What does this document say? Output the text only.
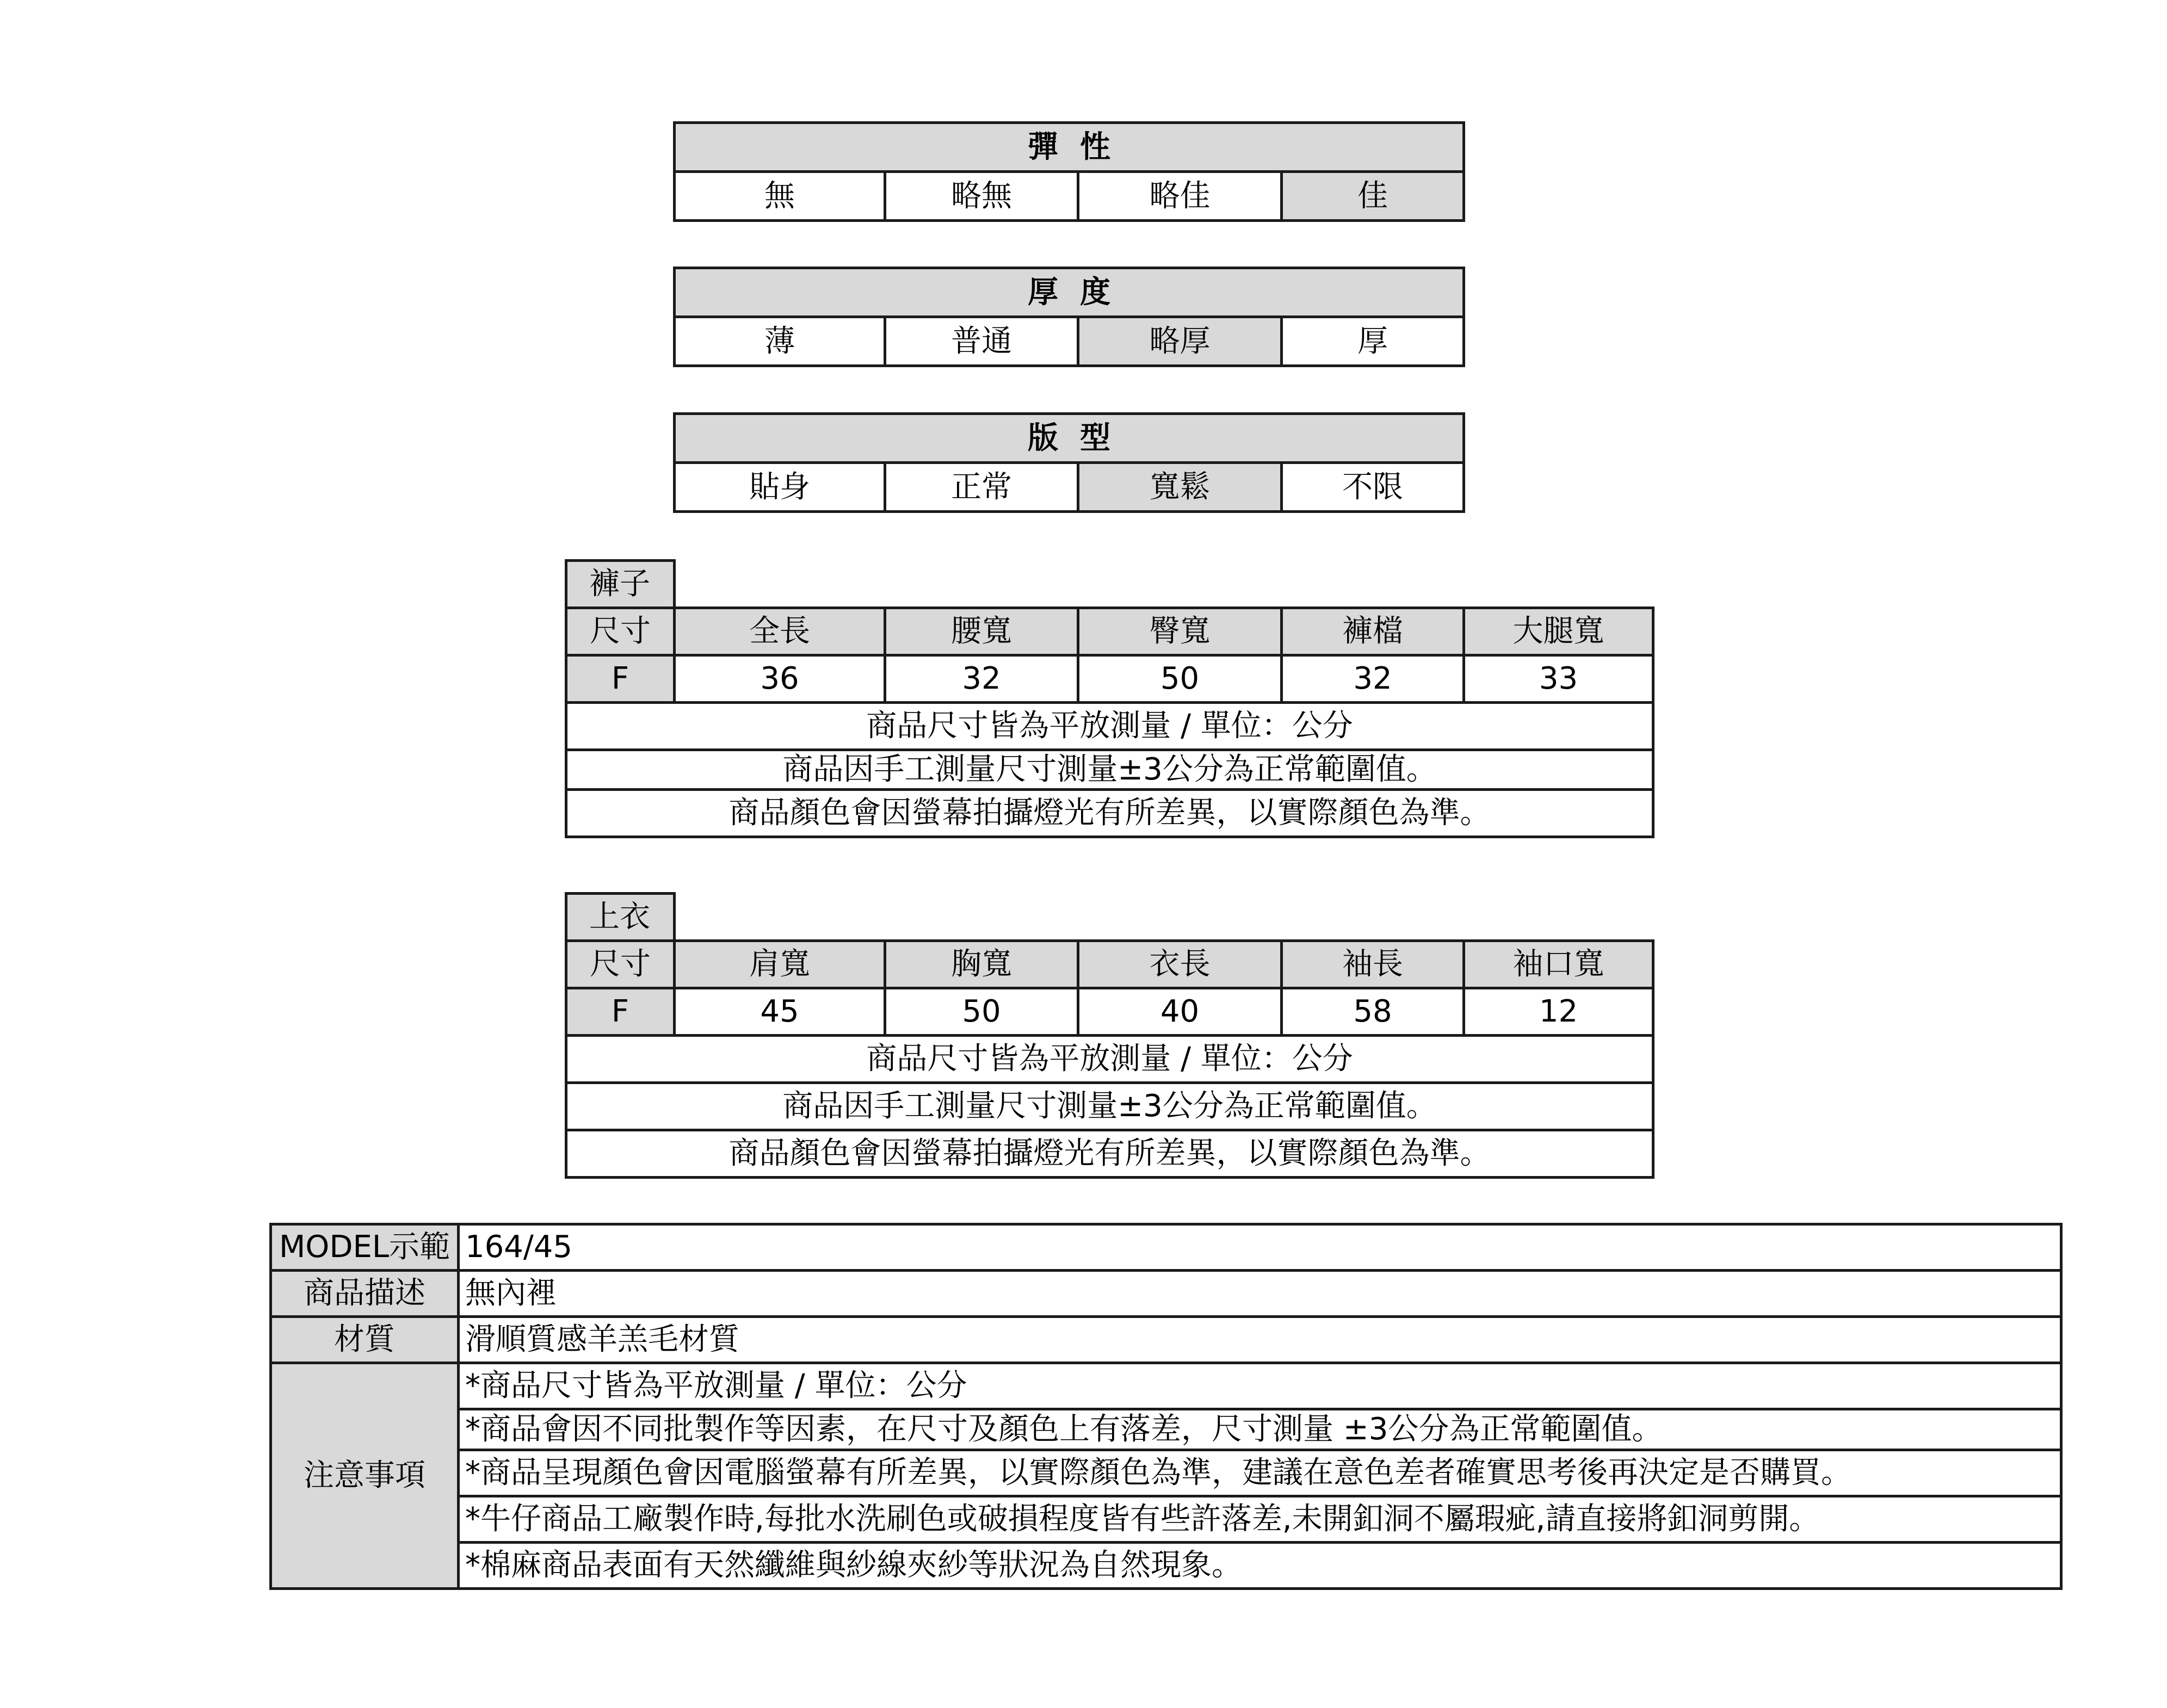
彈性
無	略無	略佳	佳
厚度
薄	普通	略厚	厚
版型
貼身	正常	寬鬆	不限
褲子					
尺寸	全長	腰寬	臀寬	褲檔	大腿寬
F	36	32	50	32	33
商品尺寸皆為平放測量 / 單位：公分					
商品因手工測量尺寸測量±3公分為正常範圍值。					
商品顏色會因螢幕拍攝燈光有所差異，以實際顏色為準。					
上衣					
尺寸	肩寬	胸寬	衣長	袖長	袖口寬
F	45	50	40	58	12
商品尺寸皆為平放測量 / 單位：公分					
商品因手工測量尺寸測量±3公分為正常範圍值。					
商品顏色會因螢幕拍攝燈光有所差異，以實際顏色為準。					
MODEL示範	164/45
商品描述	無內裡
材質	滑順質感羊羔毛材質
注意事項	*商品尺寸皆為平放測量 / 單位：公分
	*商品會因不同批製作等因素，在尺寸及顏色上有落差，尺寸測量 ±3公分為正常範圍值。
	*商品呈現顏色會因電腦螢幕有所差異，以實際顏色為準，建議在意色差者確實思考後再決定是否購買。
	*牛仔商品工廠製作時,每批水洗刷色或破損程度皆有些許落差,未開釦洞不屬瑕疵,請直接將釦洞剪開。
	*棉麻商品表面有天然纖維與紗線夾紗等狀況為自然現象。
